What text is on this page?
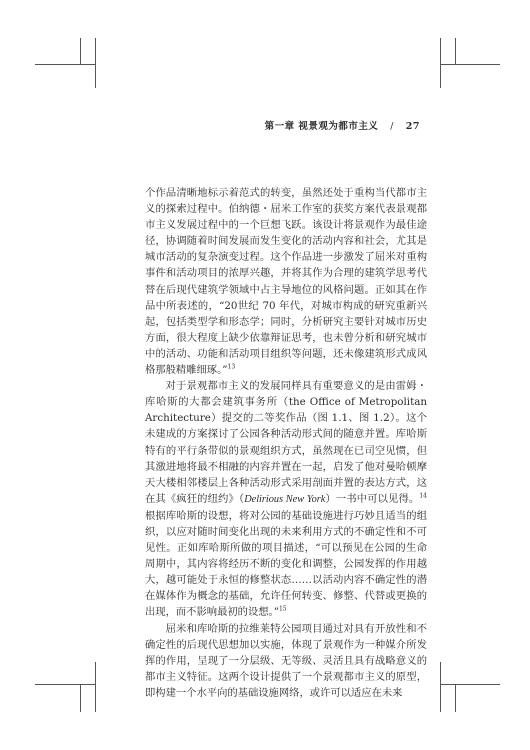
第一章 视景观为都市主义 / 27

个作品清晰地标示着范式的转变，虽然还处于重构当代都市主义的探索过程中。伯纳德・屈米工作室的获奖方案代表景观都市主义发展过程中的一个巨想飞跃。该设计将景观作为最佳途径，协调随着时间发展而发生变化的活动内容和社会，尤其是城市活动的复杂演变过程。这个作品进一步激发了屈米对重构事件和活动项目的浓厚兴趣，并将其作为合理的建筑学思考代替在后现代建筑学领域中占主导地位的风格问题。正如其在作品中所表述的，“20世纪 70 年代，对城市构成的研究重新兴起，包括类型学和形态学；同时，分析研究主要针对城市历史方面，很大程度上缺少依靠辩证思考，也未曾分析和研究城市中的活动、功能和活动项目组织等问题，还未像建筑形式成风格那般精雕细琢。”$^{13}$

对于景观都市主义的发展同样具有重要意义的是由雷姆・库哈斯的大都会建筑事务所（the Office of Metropolitan Architecture）提交的二等奖作品（图 1.1、图 1.2）。这个未建成的方案探讨了公园各种活动形式间的随意并置。库哈斯特有的平行条带似的景观组织方式，虽然现在已司空见惯，但其激进地将最不相融的内容并置在一起，启发了他对曼哈顿摩天大楼相邻楼层上各种活动形式采用剖面并置的表达方式，这在其《疯狂的纽约》（Delirious New York）一书中可以见得。$^{14}$ 根据库哈斯的设想，将对公园的基础设施进行巧妙且适当的组织，以应对随时间变化出现的未来利用方式的不确定性和不可见性。正如库哈斯所做的项目描述，“可以预见在公园的生命周期中，其内容将经历不断的变化和调整，公园发挥的作用越大，越可能处于永恒的修整状态……以活动内容不确定性的潜在媒体作为概念的基础，允许任何转变、修整、代替或更换的出现，而不影响最初的设想。”$^{15}$

屈米和库哈斯的拉维莱特公园项目通过对具有开放性和不确定性的后现代思想加以实施，体现了景观作为一种媒介所发挥的作用，呈现了一分层级、无等级、灵活且具有战略意义的都市主义特征。这两个设计提供了一个景观都市主义的原型，即构建一个水平向的基础设施网络，或许可以适应在未来
